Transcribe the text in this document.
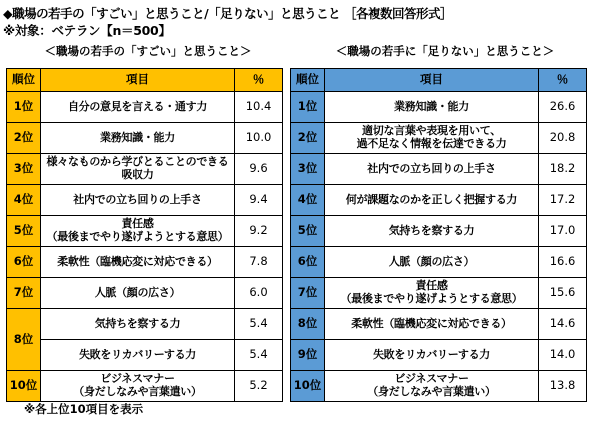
◆職場の若手の「すごい」と思うこと/「足りない」と思うこと ［各複数回答形式］
※対象：ベテラン【n＝500】
＜職場の若手の「すごい」と思うこと＞	＜職場の若手に「足りない」と思うこと＞
順位	項目	％
1位	自分の意見を言える・通す力	10.4
2位	業務知識・能力	10.0
3位	様々なものから学びとることのできる
吸収力	9.6
4位	社内での立ち回りの上手さ	9.4
5位	責任感
（最後までやり遂げようとする意思）	9.2
6位	柔軟性（臨機応変に対応できる）	7.8
7位	人脈（顔の広さ）	6.0
8位	気持ちを察する力	5.4
	失敗をリカバリーする力	5.4
10位	ビジネスマナー
（身だしなみや言葉遣い）	5.2
順位	項目	％
1位	業務知識・能力	26.6
2位	適切な言葉や表現を用いて、
過不足なく情報を伝達できる力	20.8
3位	社内での立ち回りの上手さ	18.2
4位	何が課題なのかを正しく把握する力	17.2
5位	気持ちを察する力	17.0
6位	人脈（顔の広さ）	16.6
7位	責任感
（最後までやり遂げようとする意思）	15.6
8位	柔軟性（臨機応変に対応できる）	14.6
9位	失敗をリカバリーする力	14.0
10位	ビジネスマナー
（身だしなみや言葉遣い）	13.8
※各上位10項目を表示
